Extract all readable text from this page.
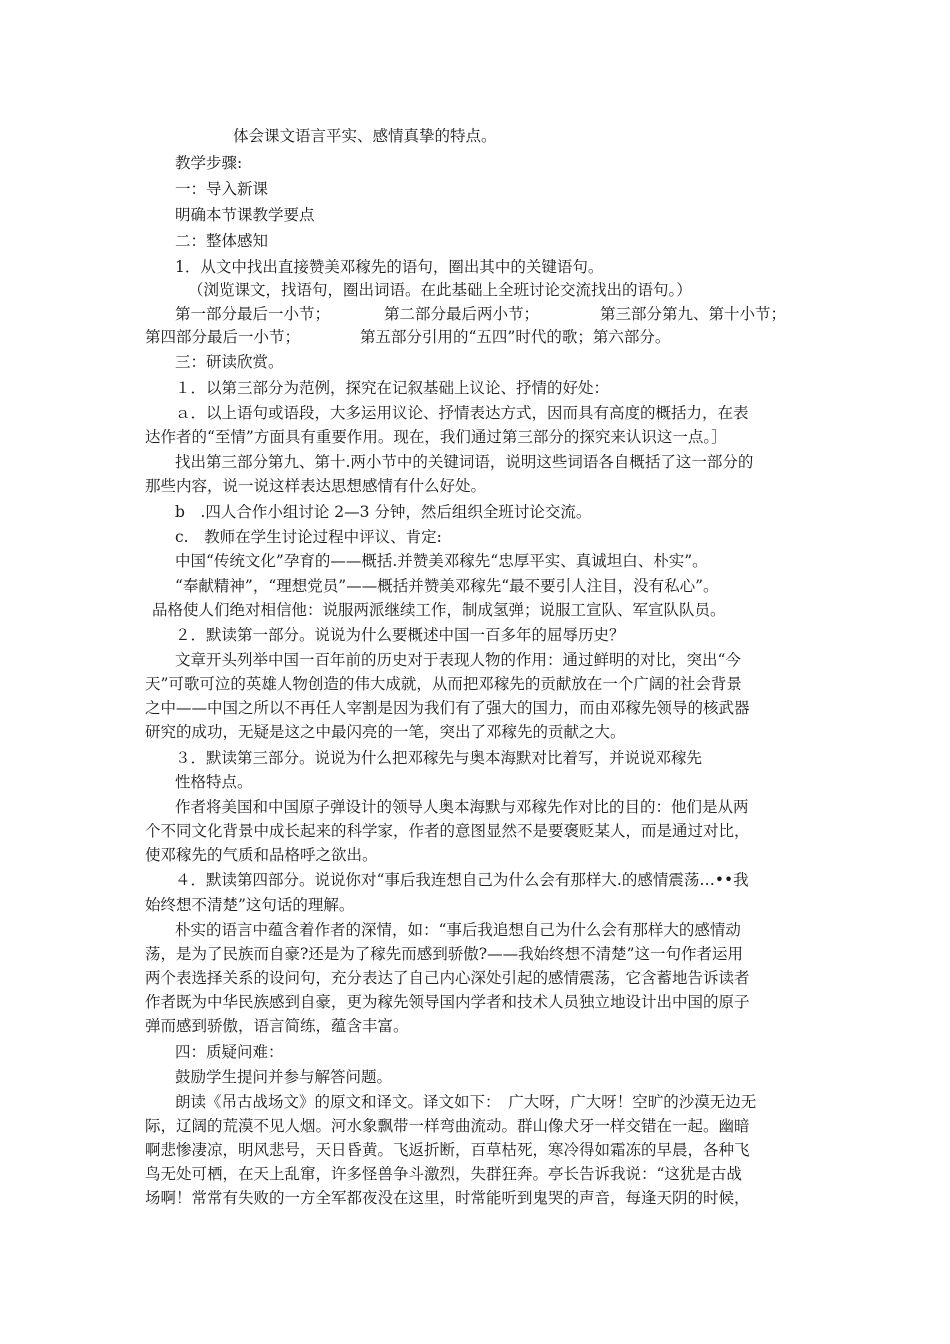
体会课文语言平实、感情真挚的特点。
教学步骤:
一：导入新课
明确本节课教学要点
二：整体感知
1．从文中找出直接赞美邓稼先的语句，圈出其中的关键语句。
（浏览课文，找语句，圈出词语。在此基础上全班讨论交流找出的语句。）
第一部分最后一小节；	第二部分最后两小节；	第三部分第九、第十小节；
第四部分最后一小节；	第五部分引用的“五四”时代的歌；第六部分。
三：研读欣赏。
１．以第三部分为范例，探究在记叙基础上议论、抒情的好处：
ａ．以上语句或语段，大多运用议论、抒情表达方式，因而具有高度的概括力，在表
达作者的“至情”方面具有重要作用。现在，我们通过第三部分的探究来认识这一点。］
找出第三部分第九、第十.两小节中的关键词语，说明这些词语各自概括了这一部分的
那些内容，说一说这样表达思想感情有什么好处。
b　.四人合作小组讨论 2—3 分钟，然后组织全班讨论交流。
c.　教师在学生讨论过程中评议、肯定:
中国“传统文化”孕育的——概括.并赞美邓稼先“忠厚平实、真诚坦白、朴实”。
“奉献精神”，“理想党员”——概括并赞美邓稼先“最不要引人注目，没有私心”。
品格使人们绝对相信他：说服两派继续工作，制成氢弹；说服工宣队、军宣队队员。
２．默读第一部分。说说为什么要概述中国一百多年的屈辱历史？
文章开头列举中国一百年前的历史对于表现人物的作用：通过鲜明的对比，突出“今
天”可歌可泣的英雄人物创造的伟大成就，从而把邓稼先的贡献放在一个广阔的社会背景
之中——中国之所以不再任人宰割是因为我们有了强大的国力，而由邓稼先领导的核武器
研究的成功，无疑是这之中最闪亮的一笔，突出了邓稼先的贡献之大。
３．默读第三部分。说说为什么把邓稼先与奥本海默对比着写，并说说邓稼先
性格特点。
作者将美国和中国原子弹设计的领导人奥本海默与邓稼先作对比的目的：他们是从两
个不同文化背景中成长起来的科学家，作者的意图显然不是要褒贬某人，而是通过对比，
使邓稼先的气质和品格呼之欲出。
４．默读第四部分。说说你对“事后我连想自己为什么会有那样大.的感情震荡…••我
始终想不清楚”这句话的理解。
朴实的语言中蕴含着作者的深情，如：“事后我追想自己为什么会有那样大的感情动
荡，是为了民族而自豪?还是为了稼先而感到骄傲?——我始终想不清楚”这一句作者运用
两个表选择关系的设问句，充分表达了自己内心深处引起的感情震荡，它含蓄地告诉读者
作者既为中华民族感到自豪，更为稼先领导国内学者和技术人员独立地设计出中国的原子
弹而感到骄傲，语言简练，蕴含丰富。
四：质疑问难：
鼓励学生提问并参与解答问题。
朗读《吊古战场文》的原文和译文。译文如下：　广大呀，广大呀！空旷的沙漠无边无
际，辽阔的荒漠不见人烟。河水象飘带一样弯曲流动。群山像犬牙一样交错在一起。幽暗
啊悲惨凄凉，明风悲号，天日昏黄。飞返折断，百草枯死，寒冷得如霜冻的早晨，各种飞
鸟无处可栖，在天上乱窜，许多怪兽争斗激烈，失群狂奔。亭长告诉我说：“这犹是古战
场啊！常常有失败的一方全军都夜没在这里，时常能听到鬼哭的声音，每逢天阴的时候，
